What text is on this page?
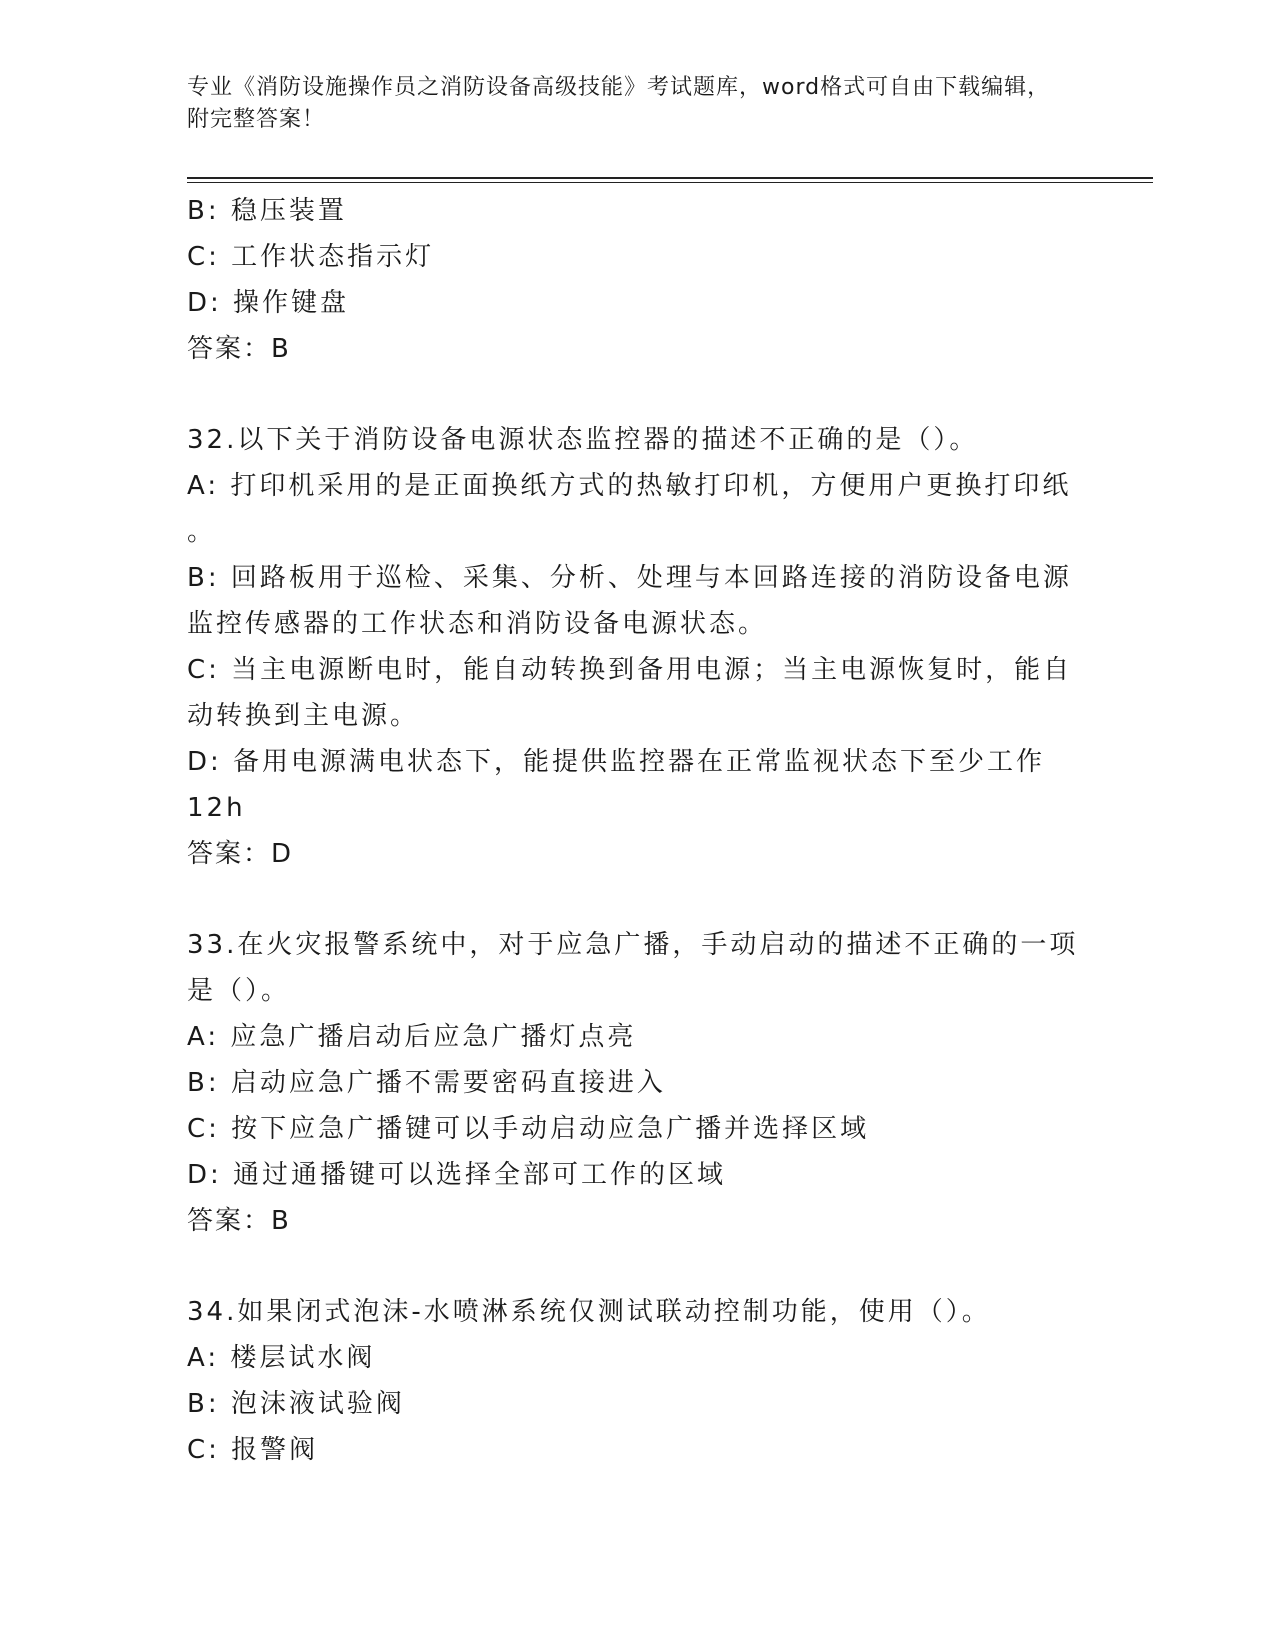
专业《消防设施操作员之消防设备高级技能》考试题库，word格式可自由下载编辑，附完整答案！
B: 稳压装置
C: 工作状态指示灯
D: 操作键盘
答案：B
32.以下关于消防设备电源状态监控器的描述不正确的是（）。
A: 打印机采用的是正面换纸方式的热敏打印机，方便用户更换打印纸
。
B: 回路板用于巡检、采集、分析、处理与本回路连接的消防设备电源
监控传感器的工作状态和消防设备电源状态。
C: 当主电源断电时，能自动转换到备用电源；当主电源恢复时，能自
动转换到主电源。
D: 备用电源满电状态下，能提供监控器在正常监视状态下至少工作
12h
答案：D
33.在火灾报警系统中，对于应急广播，手动启动的描述不正确的一项
是（）。
A: 应急广播启动后应急广播灯点亮
B: 启动应急广播不需要密码直接进入
C: 按下应急广播键可以手动启动应急广播并选择区域
D: 通过通播键可以选择全部可工作的区域
答案：B
34.如果闭式泡沫-水喷淋系统仅测试联动控制功能，使用（）。
A: 楼层试水阀
B: 泡沫液试验阀
C: 报警阀
